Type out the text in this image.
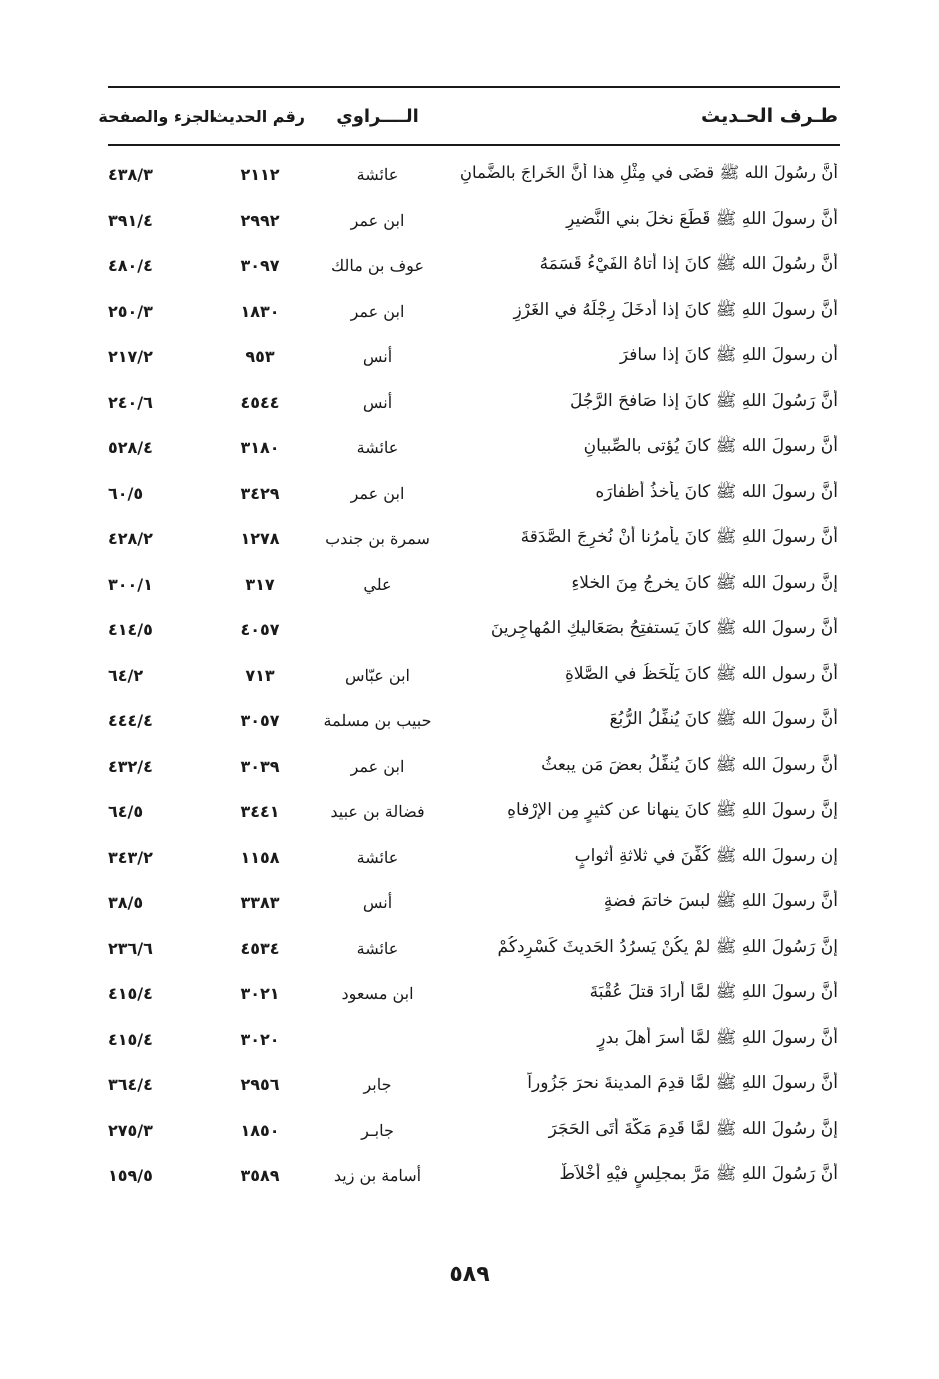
طـرف الحـديث
الــــراوي
رقم الحديث
الجزء والصفحة
أنَّ رسُولَ الله ﷺ قضَى في مِثْلِ هذا أنَّ الخَراجَ بالضَّمانِ
عائشة
٢١١٢
٤٣٨/٣
أنَّ رسولَ اللهِ ﷺ قَطَعَ نخلَ بني النَّضيرِ
ابن عمر
٢٩٩٢
٣٩١/٤
أنَّ رسُولَ الله ﷺ كانَ إذا أتاهُ الفَيْءُ قَسَمَهُ
عوف بن مالك
٣٠٩٧
٤٨٠/٤
أنَّ رسولَ اللهِ ﷺ كانَ إذا أَدخَلَ رِجْلَهُ في الغَرْزِ
ابن عمر
١٨٣٠
٢٥٠/٣
أن رسولَ اللهِ ﷺ كانَ إذا سافرَ
أنس
٩٥٣
٢١٧/٢
أنَّ رَسُولَ اللهِ ﷺ كانَ إذا صَافحَ الرَّجُلَ
أنس
٤٥٤٤
٢٤٠/٦
أنَّ رسولَ الله ﷺ كانَ يُؤتى بالصِّبيانِ
عائشة
٣١٨٠
٥٢٨/٤
أنَّ رسولَ الله ﷺ كانَ يأخذُ أظفارَه
ابن عمر
٣٤٢٩
٦٠/٥
أنَّ رسولَ اللهِ ﷺ كانَ يأمرُنا أنْ نُخرِجَ الصَّدَقةَ
سمرة بن جندب
١٢٧٨
٤٢٨/٢
إنَّ رسولَ الله ﷺ كانَ يخرجُ مِنَ الخلاءِ
علي
٣١٧
٣٠٠/١
أنَّ رسولَ الله ﷺ كانَ يَستفتِحُ بصَعَاليكِ المُهاجِرينَ
٤٠٥٧
٤١٤/٥
أنَّ رسول الله ﷺ كانَ يَلْحَظُ في الصَّلاةِ
ابن عبّاس
٧١٣
٦٤/٢
أنَّ رسولَ الله ﷺ كانَ يُنفِّلُ الرُّبُعَ
حبيب بن مسلمة
٣٠٥٧
٤٤٤/٤
أنَّ رسولَ الله ﷺ كانَ يُنفِّلُ بعضَ مَن يبعثُ
ابن عمر
٣٠٣٩
٤٣٢/٤
إنَّ رسولَ اللهِ ﷺ كانَ ينهانا عن كثيرٍ مِن الإرْفاهِ
فضالة بن عبيد
٣٤٤١
٦٤/٥
إن رسولَ الله ﷺ كُفِّنَ في ثلاثةِ أثوابٍ
عائشة
١١٥٨
٣٤٣/٢
أنَّ رسولَ اللهِ ﷺ لبسَ خاتمَ فضةٍ
أنس
٣٣٨٣
٣٨/٥
إنَّ رَسُولَ اللهِ ﷺ لمْ يكُنْ يَسرُدُ الحَديثَ كَسْرِدكُمْ
عائشة
٤٥٣٤
٢٣٦/٦
أنَّ رسولَ اللهِ ﷺ لمَّا أرادَ قتلَ عُقْبَةَ
ابن مسعود
٣٠٢١
٤١٥/٤
أنَّ رسولَ اللهِ ﷺ لمَّا أسرَ أهلَ بدرٍ
٣٠٢٠
٤١٥/٤
أنَّ رسولَ اللهِ ﷺ لمَّا قدِمَ المدينةَ نحرَ جَزُوراً
جابر
٢٩٥٦
٣٦٤/٤
إنَّ رسُولَ الله ﷺ لمَّا قَدِمَ مَكَّةَ أتَى الحَجَرَ
جابـر
١٨٥٠
٢٧٥/٣
أنَّ رَسُولَ اللهِ ﷺ مَرَّ بمجلِسٍ فيْهِ أخْلاَطٌ
أسامة بن زيد
٣٥٨٩
١٥٩/٥
٥٨٩
